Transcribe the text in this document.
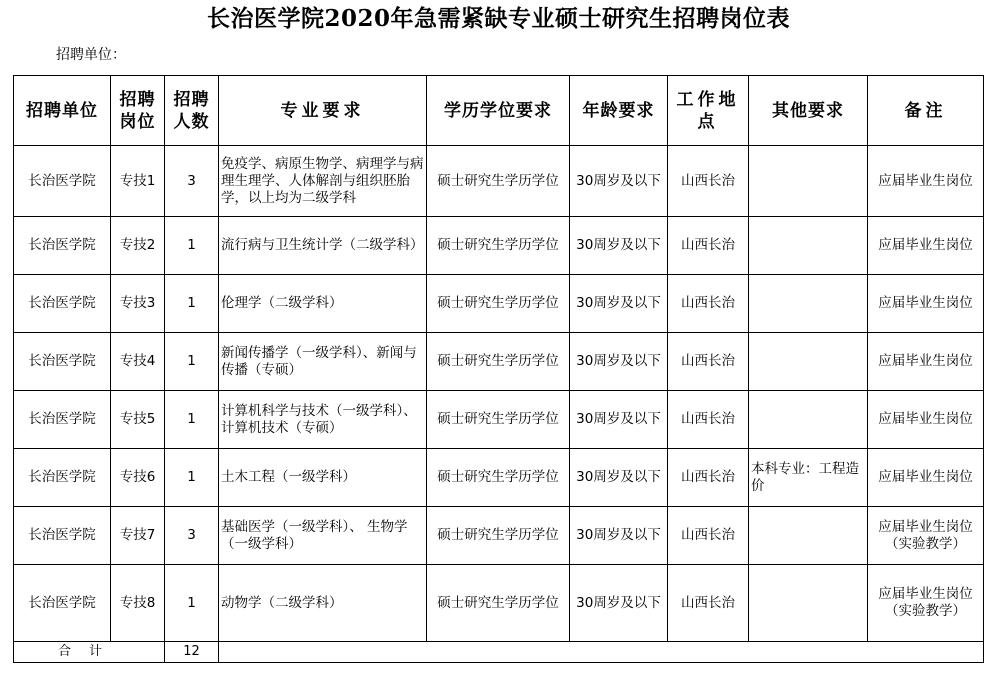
长治医学院2020年急需紧缺专业硕士研究生招聘岗位表
招聘单位：
招聘单位	招聘岗位	招聘人数	专业要求	学历学位要求	年龄要求	工作地点	其他要求	备注
长治医学院	专技1	3	免疫学、病原生物学、病理学与病理生理学、人体解剖与组织胚胎学，以上均为二级学科	硕士研究生学历学位	30周岁及以下	山西长治		应届毕业生岗位
长治医学院	专技2	1	流行病与卫生统计学（二级学科）	硕士研究生学历学位	30周岁及以下	山西长治		应届毕业生岗位
长治医学院	专技3	1	伦理学（二级学科）	硕士研究生学历学位	30周岁及以下	山西长治		应届毕业生岗位
长治医学院	专技4	1	新闻传播学（一级学科）、新闻与传播（专硕）	硕士研究生学历学位	30周岁及以下	山西长治		应届毕业生岗位
长治医学院	专技5	1	计算机科学与技术（一级学科）、 计算机技术（专硕）	硕士研究生学历学位	30周岁及以下	山西长治		应届毕业生岗位
长治医学院	专技6	1	土木工程（一级学科）	硕士研究生学历学位	30周岁及以下	山西长治	本科专业：工程造价	应届毕业生岗位
长治医学院	专技7	3	基础医学（一级学科）、 生物学（一级学科）	硕士研究生学历学位	30周岁及以下	山西长治		应届毕业生岗位（实验教学）
长治医学院	专技8	1	动物学（二级学科）	硕士研究生学历学位	30周岁及以下	山西长治		应届毕业生岗位（实验教学）
合计		12						
